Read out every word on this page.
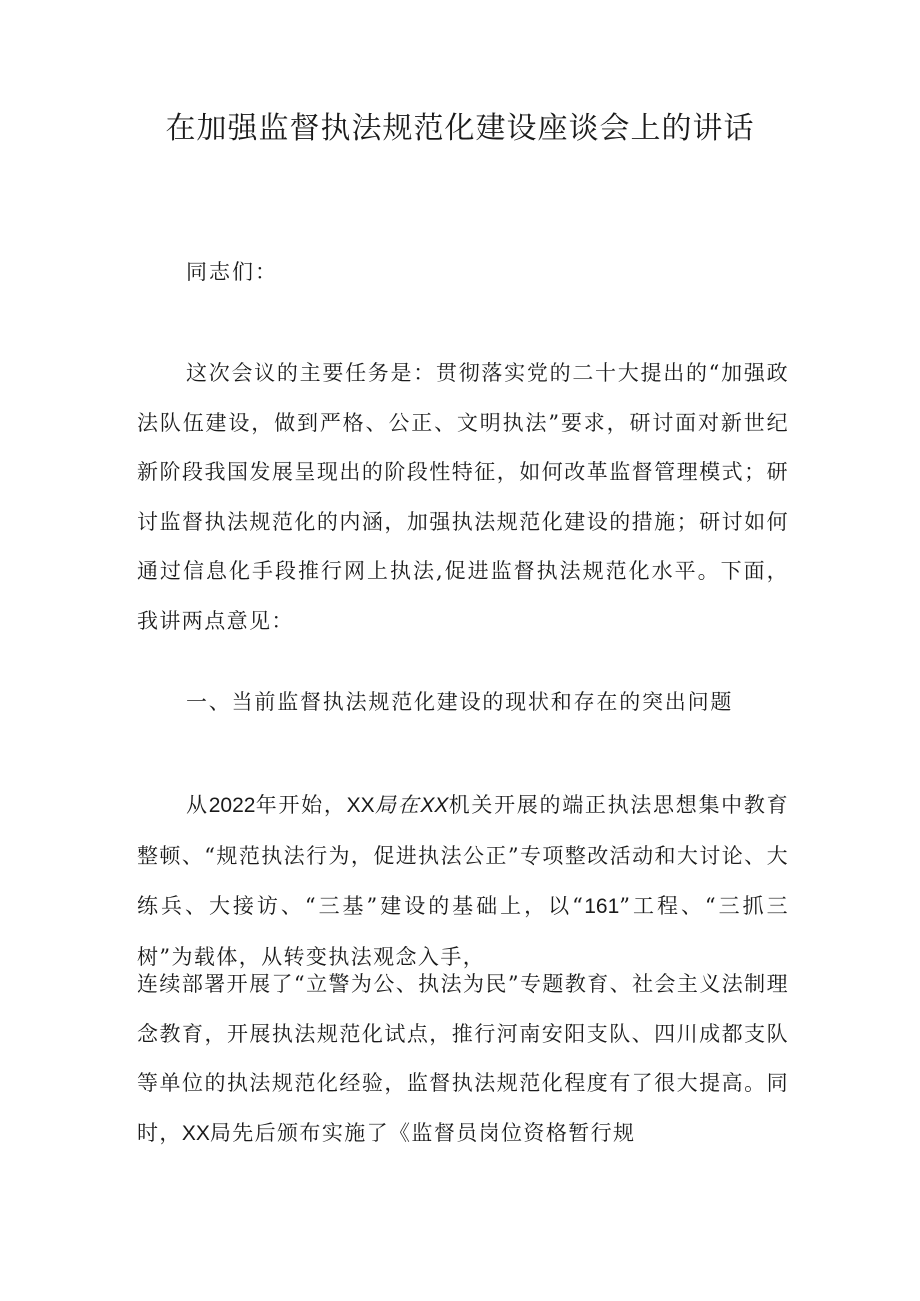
在加强监督执法规范化建设座谈会上的讲话

同志们：

这次会议的主要任务是：贯彻落实党的二十大提出的“加强政法队伍建设，做到严格、公正、文明执法”要求，研讨面对新世纪新阶段我国发展呈现出的阶段性特征，如何改革监督管理模式；研讨监督执法规范化的内涵，加强执法规范化建设的措施；研讨如何通过信息化手段推行网上执法,促进监督执法规范化水平。下面，我讲两点意见：

一、当前监督执法规范化建设的现状和存在的突出问题

从2022年开始，XX局在XX机关开展的端正执法思想集中教育整顿、“规范执法行为，促进执法公正”专项整改活动和大讨论、大练兵、大接访、“三基”建设的基础上，以“161”工程、“三抓三树”为载体，从转变执法观念入手，

连续部署开展了“立警为公、执法为民”专题教育、社会主义法制理念教育，开展执法规范化试点，推行河南安阳支队、四川成都支队等单位的执法规范化经验，监督执法规范化程度有了很大提高。同时，XX局先后颁布实施了《监督员岗位资格暂行规
